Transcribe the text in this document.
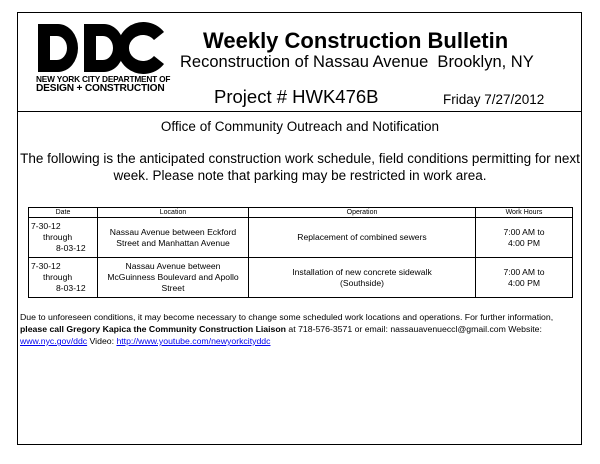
NEW YORK CITY DEPARTMENT OF
DESIGN + CONSTRUCTION
Weekly Construction Bulletin
Reconstruction of Nassau Avenue  Brooklyn, NY
Project # HWK476B	Friday 7/27/2012
Office of Community Outreach and Notification
The following is the anticipated construction work schedule, field conditions permitting for next week. Please note that parking may be restricted in work area.
Date	Location	Operation	Work Hours

7-30-12
through
8-03-12	Nassau Avenue between Eckford Street and Manhattan Avenue	Replacement of combined sewers	7:00 AM to 4:00 PM

7-30-12
through
8-03-12	Nassau Avenue between McGuinness Boulevard and Apollo Street	Installation of new concrete sidewalk (Southside)	7:00 AM to 4:00 PM
Due to unforeseen conditions, it may become necessary to change some scheduled work locations and operations. For further information, please call Gregory Kapica the Community Construction Liaison at 718-576-3571 or email: nassauavenueccl@gmail.com Website: www.nyc.gov/ddc Video: http://www.youtube.com/newyorkcityddc
